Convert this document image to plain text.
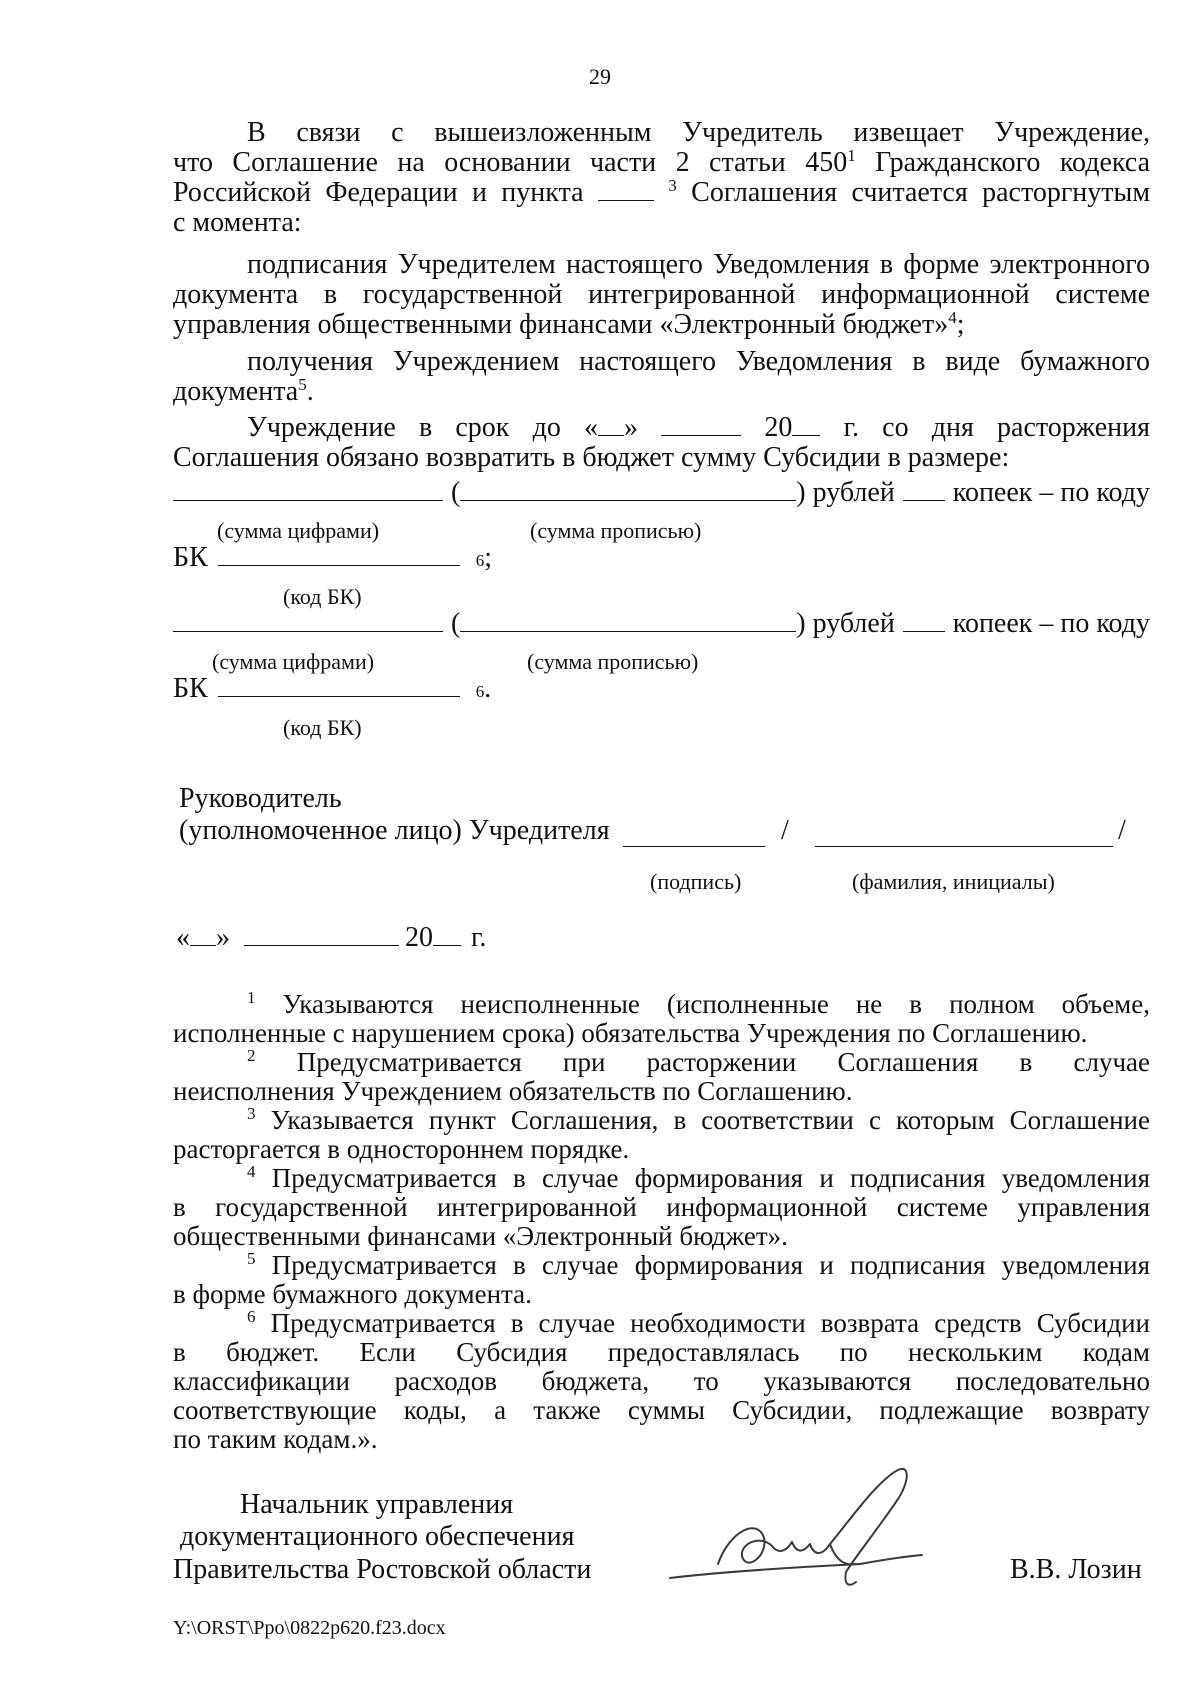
29
В связи с вышеизложенным Учредитель извещает Учреждение,
что Соглашение на основании части 2 статьи $450^1$ Гражданского кодекса
Российской Федерации и пункта	$^3$ Соглашения считается расторгнутым
с момента:
подписания Учредителем настоящего Уведомления в форме электронного
документа в государственной интегрированной информационной системе
управления общественными финансами «Электронный бюджет»$^4$;
получения Учреждением настоящего Уведомления в виде бумажного
документа$^5$.
Учреждение в срок до « »	20 г. со дня расторжения
Соглашения обязано возвратить в бюджет сумму Субсидии в размере:
(	) рублей копеек – по коду
(сумма цифрами)	(сумма прописью)
БК	6 ;
(код БК)
(	) рублей копеек – по коду
(сумма цифрами)	(сумма прописью)
БК	6 .
(код БК)
Руководитель
(уполномоченное лицо) Учредителя	/	/
(подпись)	(фамилия, инициалы)
« »	20 г.
$^1$ Указываются неисполненные (исполненные не в полном объеме,
исполненные с нарушением срока) обязательства Учреждения по Соглашению.
$^2$ Предусматривается при расторжении Соглашения в случае
неисполнения Учреждением обязательств по Соглашению.
$^3$ Указывается пункт Соглашения, в соответствии с которым Соглашение
расторгается в одностороннем порядке.
$^4$ Предусматривается в случае формирования и подписания уведомления
в государственной интегрированной информационной системе управления
общественными финансами «Электронный бюджет».
$^5$ Предусматривается в случае формирования и подписания уведомления
в форме бумажного документа.
$^6$ Предусматривается в случае необходимости возврата средств Субсидии
в бюджет. Если Субсидия предоставлялась по нескольким кодам
классификации расходов бюджета, то указываются последовательно
соответствующие коды, а также суммы Субсидии, подлежащие возврату
по таким кодам.».
Начальник управления
документационного обеспечения
Правительства Ростовской области	В.В. Лозин
Y:\ORST\Ppo\0822p620.f23.docx
